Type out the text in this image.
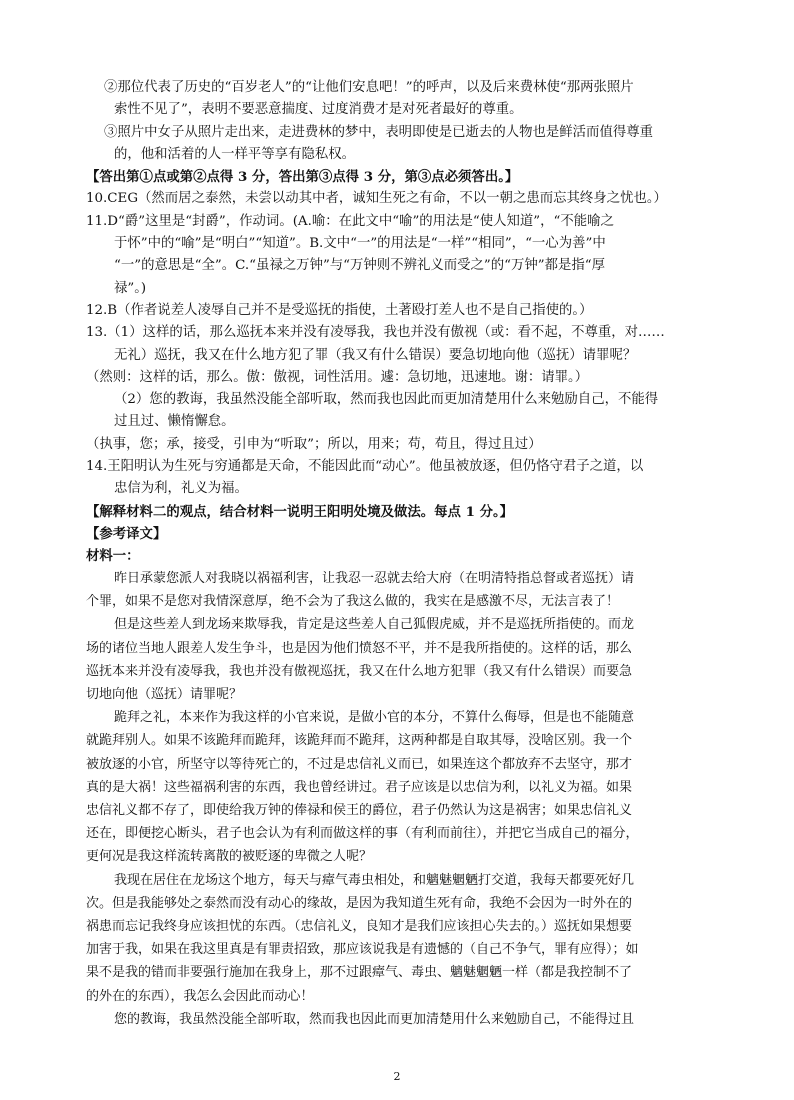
②那位代表了历史的“百岁老人”的“让他们安息吧！”的呼声，以及后来费林使“那两张照片
索性不见了”，表明不要恶意揣度、过度消费才是对死者最好的尊重。
③照片中女子从照片走出来，走进费林的梦中，表明即使是已逝去的人物也是鲜活而值得尊重
的，他和活着的人一样平等享有隐私权。
【答出第①点或第②点得 3 分，答出第③点得 3 分，第③点必须答出。】
10.CEG（然而居之泰然，未尝以动其中者，诚知生死之有命，不以一朝之患而忘其终身之忧也。）
11.D“爵”这里是“封爵”，作动词。(A.喻：在此文中“喻”的用法是“使人知道”，“不能喻之
于怀”中的“喻”是“明白”“知道”。B.文中“一”的用法是“一样”“相同”，“一心为善”中
“一”的意思是“全”。C.“虽禄之万钟”与“万钟则不辨礼义而受之”的“万钟”都是指“厚
禄”。)
12.B（作者说差人凌辱自己并不是受巡抚的指使，土著殴打差人也不是自己指使的。）
13.（1）这样的话，那么巡抚本来并没有凌辱我，我也并没有傲视（或：看不起，不尊重，对……
无礼）巡抚，我又在什么地方犯了罪（我又有什么错误）要急切地向他（巡抚）请罪呢？
（然则：这样的话，那么。傲：傲视，词性活用。遽：急切地，迅速地。谢：请罪。）
（2）您的教诲，我虽然没能全部听取，然而我也因此而更加清楚用什么来勉励自己，不能得
过且过、懒惰懈怠。
（执事，您；承，接受，引申为“听取”；所以，用来；苟，苟且，得过且过）
14.王阳明认为生死与穷通都是天命，不能因此而“动心”。他虽被放逐，但仍恪守君子之道，以
忠信为利，礼义为福。
【解释材料二的观点，结合材料一说明王阳明处境及做法。每点 1 分。】
【参考译文】
材料一：
昨日承蒙您派人对我晓以祸福利害，让我忍一忍就去给大府（在明清特指总督或者巡抚）请
个罪，如果不是您对我情深意厚，绝不会为了我这么做的，我实在是感激不尽，无法言表了！
但是这些差人到龙场来欺辱我，肯定是这些差人自己狐假虎威，并不是巡抚所指使的。而龙
场的诸位当地人跟差人发生争斗，也是因为他们愤怒不平，并不是我所指使的。这样的话，那么
巡抚本来并没有凌辱我，我也并没有傲视巡抚，我又在什么地方犯罪（我又有什么错误）而要急
切地向他（巡抚）请罪呢？
跪拜之礼，本来作为我这样的小官来说，是做小官的本分，不算什么侮辱，但是也不能随意
就跪拜别人。如果不该跪拜而跪拜，该跪拜而不跪拜，这两种都是自取其辱，没啥区别。我一个
被放逐的小官，所坚守以等待死亡的，不过是忠信礼义而已，如果连这个都放弃不去坚守，那才
真的是大祸！这些福祸利害的东西，我也曾经讲过。君子应该是以忠信为利，以礼义为福。如果
忠信礼义都不存了，即使给我万钟的俸禄和侯王的爵位，君子仍然认为这是祸害；如果忠信礼义
还在，即便挖心断头，君子也会认为有利而做这样的事（有利而前往），并把它当成自己的福分，
更何况是我这样流转离散的被贬逐的卑微之人呢？
我现在居住在龙场这个地方，每天与瘴气毒虫相处，和魑魅魍魉打交道，我每天都要死好几
次。但是我能够处之泰然而没有动心的缘故，是因为我知道生死有命，我绝不会因为一时外在的
祸患而忘记我终身应该担忧的东西。（忠信礼义，良知才是我们应该担心失去的。）巡抚如果想要
加害于我，如果在我这里真是有罪责招致，那应该说我是有遗憾的（自己不争气，罪有应得）；如
果不是我的错而非要强行施加在我身上，那不过跟瘴气、毒虫、魑魅魍魉一样（都是我控制不了
的外在的东西），我怎么会因此而动心！
您的教诲，我虽然没能全部听取，然而我也因此而更加清楚用什么来勉励自己，不能得过且
2
